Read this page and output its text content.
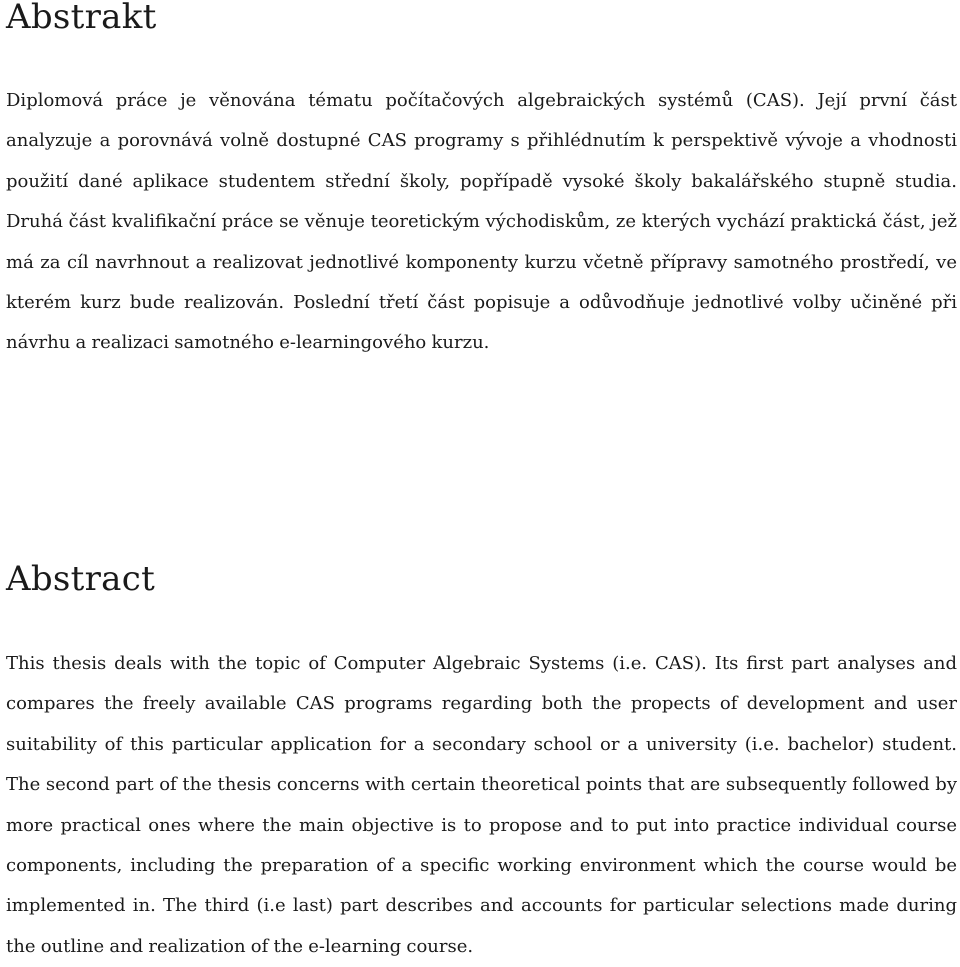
Abstrakt

Diplomová práce je věnována tématu počítačových algebraických systémů (CAS). Její první část analyzuje a porovnává volně dostupné CAS programy s přihlédnutím k perspektivě vývoje a vhodnosti použití dané aplikace studentem střední školy, popřípadě vysoké školy bakalářského stupně studia. Druhá část kvalifikační práce se věnuje teoretickým východiskům, ze kterých vychází praktická část, jež má za cíl navrhnout a realizovat jednotlivé komponenty kurzu včetně přípravy samotného prostředí, ve kterém kurz bude realizován. Poslední třetí část popisuje a odůvodňuje jednotlivé volby učiněné při návrhu a realizaci samotného e-learningového kurzu.

Abstract

This thesis deals with the topic of Computer Algebraic Systems (i.e. CAS). Its first part analyses and compares the freely available CAS programs regarding both the propects of development and user suitability of this particular application for a secondary school or a university (i.e. bachelor) student. The second part of the thesis concerns with certain theoretical points that are subsequently followed by more practical ones where the main objective is to propose and to put into practice individual course components, including the preparation of a specific working environment which the course would be implemented in. The third (i.e last) part describes and accounts for particular selections made during the outline and realization of the e-learning course.
